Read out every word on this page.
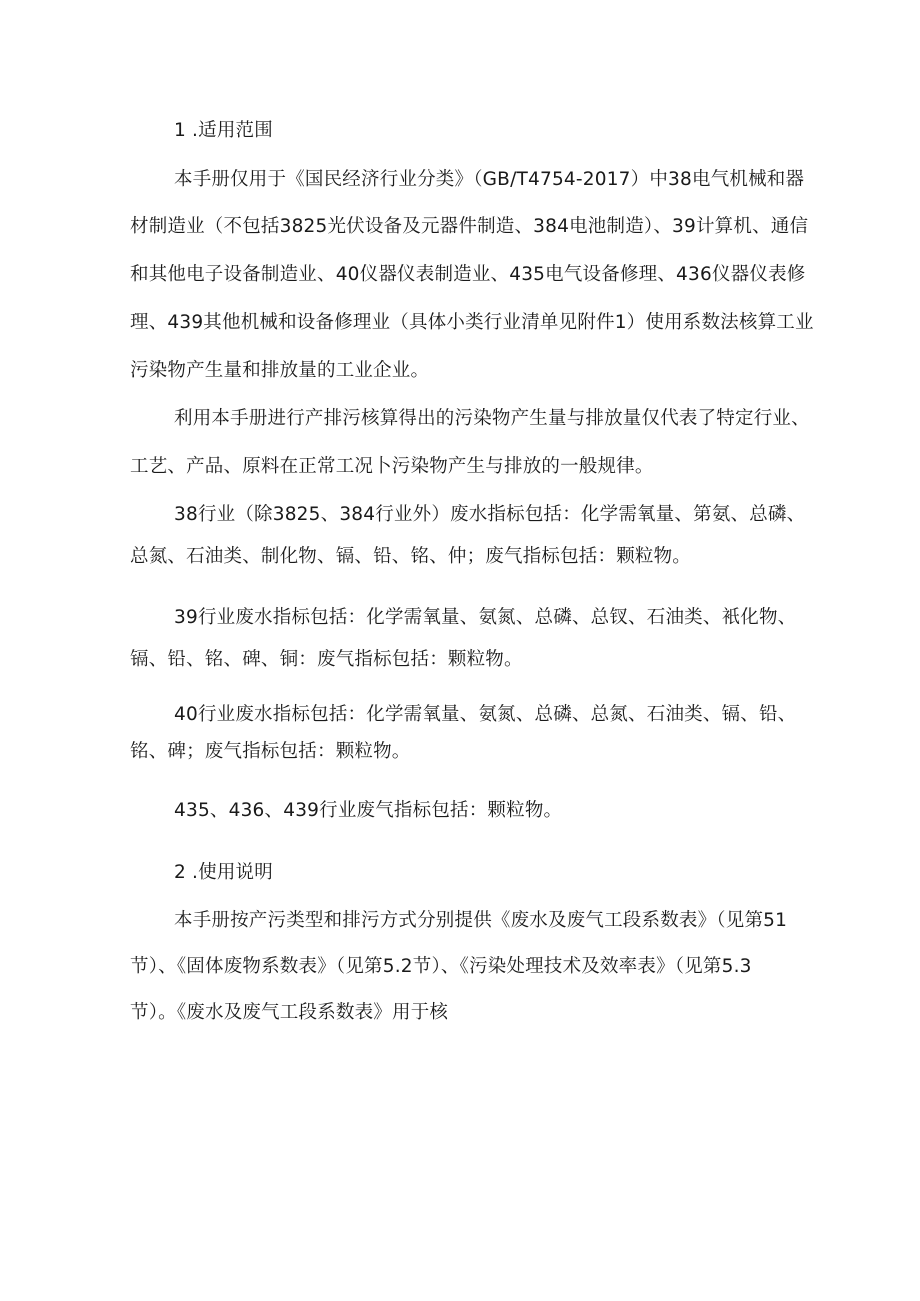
1 .适用范围
本手册仅用于《国民经济行业分类》（GB/T4754-2017）中38电气机械和器
材制造业（不包括3825光伏设备及元器件制造、384电池制造）、39计算机、通信
和其他电子设备制造业、40仪器仪表制造业、435电气设备修理、436仪器仪表修
理、439其他机械和设备修理业（具体小类行业清单见附件1）使用系数法核算工业
污染物产生量和排放量的工业企业。
利用本手册进行产排污核算得出的污染物产生量与排放量仅代表了特定行业、
工艺、产品、原料在正常工况卜污染物产生与排放的一般规律。
38行业（除3825、384行业外）废水指标包括：化学需氧量、第氨、总磷、
总氮、石油类、制化物、镉、铅、铭、仲；废气指标包括：颗粒物。
39行业废水指标包括：化学需氧量、氨氮、总磷、总钗、石油类、衹化物、
镉、铅、铭、碑、铜：废气指标包括：颗粒物。
40行业废水指标包括：化学需氧量、氨氮、总磷、总氮、石油类、镉、铅、
铭、碑；废气指标包括：颗粒物。
435、436、439行业废气指标包括：颗粒物。
2 .使用说明
本手册按产污类型和排污方式分别提供《废水及废气工段系数表》（见第51
节）、《固体废物系数表》（见第5.2节）、《污染处理技术及效率表》（见第5.3
节）。《废水及废气工段系数表》用于核
